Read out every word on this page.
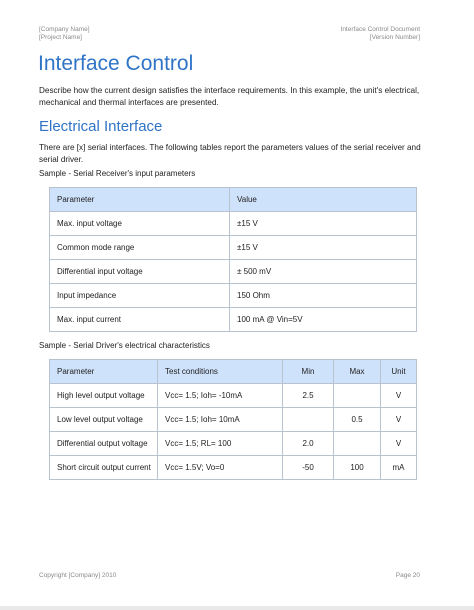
[Company Name]
[Project Name]
Interface Control Document
[Version Number]
Interface Control

Describe how the current design satisfies the interface requirements. In this example, the unit's electrical, mechanical and thermal interfaces are presented.

Electrical Interface

There are [x] serial interfaces. The following tables report the parameters values of the serial receiver and serial driver.

Sample - Serial Receiver's input parameters
Parameter	Value
Max. input voltage	±15 V
Common mode range	±15 V
Differential input voltage	± 500 mV
Input impedance	150 Ohm
Max. input current	100 mA @ Vin=5V
Sample - Serial Driver's electrical characteristics
Parameter	Test conditions	Min	Max	Unit
High level output voltage	Vcc= 1.5; Ioh= -10mA	2.5		V
Low level output voltage	Vcc= 1.5; Ioh= 10mA		0.5	V
Differential output voltage	Vcc= 1.5; RL= 100	2.0		V
Short circuit output current	Vcc= 1.5V; Vo=0	-50	100	mA
Copyright [Company] 2010	Page 20
